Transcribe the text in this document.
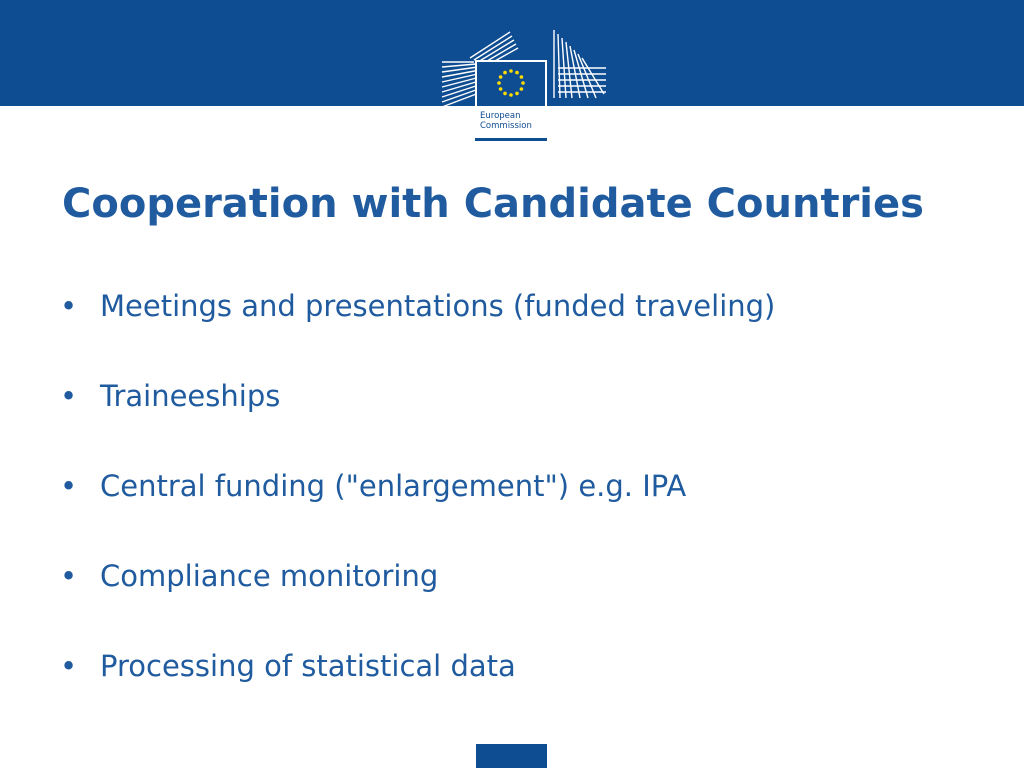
European
Commission
Cooperation with Candidate Countries
• Meetings and presentations (funded traveling)
• Traineeships
• Central funding ("enlargement") e.g. IPA
• Compliance monitoring
• Processing of statistical data
